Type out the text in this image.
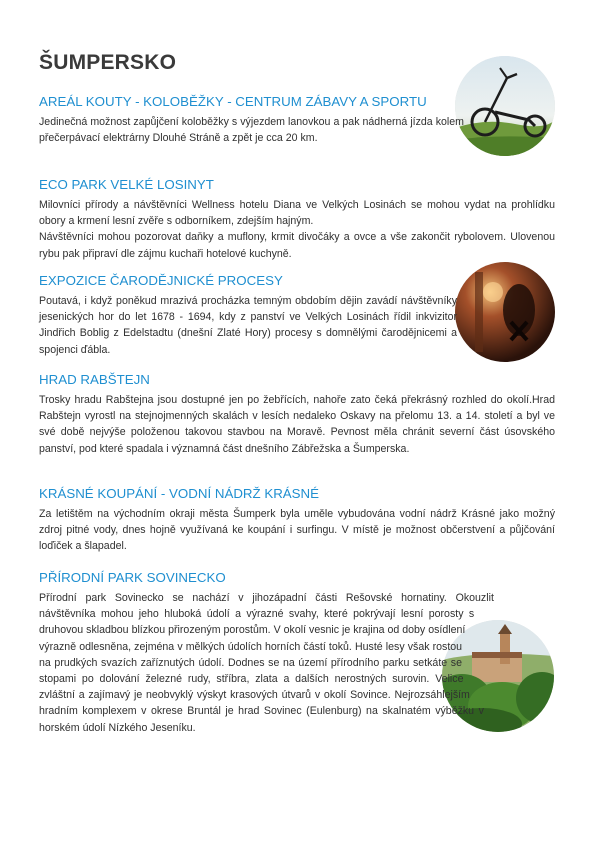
ŠUMPERSKO
AREÁL KOUTY - KOLOBĚŽKY - CENTRUM ZÁBAVY A SPORTU

Jedinečná možnost zapůjčení koloběžky s výjezdem lanovkou a pak nádherná jízda kolem přečerpávací elektrárny Dlouhé Stráně a zpět je cca 20 km.

ECO PARK VELKÉ LOSINYT

Milovníci přírody a návštěvníci Wellness hotelu Diana ve Velkých Losinách se mohou vydat na prohlídku obory a krmení lesní zvěře s odborníkem, zdejším hajným.

Návštěvníci mohou pozorovat daňky a muflony, krmit divočáky a ovce a vše zakončit rybolovem. Ulovenou rybu pak připraví dle zájmu kuchaři hotelové kuchyně.

EXPOZICE ČARODĚJNICKÉ PROCESY

Poutavá, i když poněkud mrazivá procházka temným obdobím dějin zavádí návštěvníky jesenických hor do let 1678 - 1694, kdy z panství ve Velkých Losinách řídil inkvizitor Jindřich Boblig z Edelstadtu (dnešní Zlaté Hory) procesy s domnělými čarodějnicemi a spojenci ďábla.

HRAD RABŠTEJN

Trosky hradu Rabštejna jsou dostupné jen po žebřících, nahoře zato čeká překrásný rozhled do okolí.Hrad Rabštejn vyrostl na stejnojmenných skalách v lesích nedaleko Oskavy na přelomu 13. a 14. století a byl ve své době nejvýše položenou takovou stavbou na Moravě. Pevnost měla chránit severní část úsovského panství, pod které spadala i významná část dnešního Zábřežska a Šumperska.

KRÁSNÉ KOUPÁNÍ - VODNÍ NÁDRŽ KRÁSNÉ

Za letištěm na východním okraji města Šumperk byla uměle vybudována vodní nádrž Krásné jako možný zdroj pitné vody, dnes hojně využívaná ke koupání i surfingu. V místě je možnost občerstvení a půjčování loďiček a šlapadel.

PŘÍRODNÍ PARK SOVINECKO

Přírodní park Sovinecko se nachází v jihozápadní části Rešovské hornatiny. Okouzlit návštěvníka mohou jeho hluboká údolí a výrazné svahy, které pokrývají lesní porosty s druhovou skladbou blízkou přirozeným porostům. V okolí vesnic je krajina od doby osídlení výrazně odlesněna, zejména v mělkých údolích horních částí toků. Husté lesy však rostou na prudkých svazích zaříznutých údolí. Dodnes se na území přírodního parku setkáte se stopami po dolování železné rudy, stříbra, zlata a dalších nerostných surovin. Velice zvláštní a zajímavý je neobvyklý výskyt krasových útvarů v okolí Sovince. Nejrozsáhlejším hradním komplexem v okrese Bruntál je hrad Sovinec (Eulenburg) na skalnatém výběžku v horském údolí Nízkého Jeseníku.
